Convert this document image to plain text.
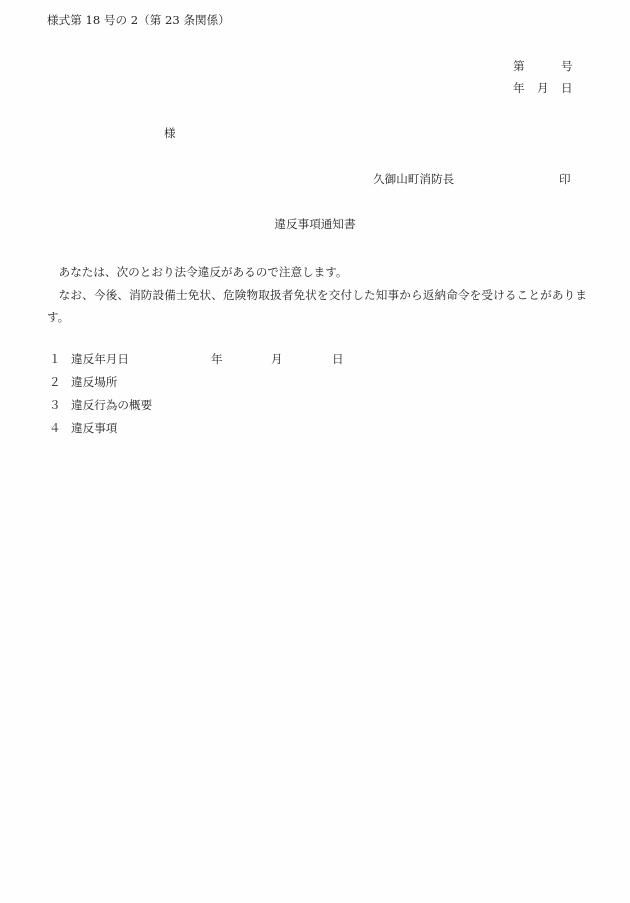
様式第 18 号の 2（第 23 条関係）
第	号
年 月 日
様
久御山町消防長	印
違反事項通知書

あなたは、次のとおり法令違反があるので注意します。

なお、今後、消防設備士免状、危険物取扱者免状を交付した知事から返納命令を受けることがあります。

１ 違反年月日	年	月	日
２ 違反場所
３ 違反行為の概要
４ 違反事項
